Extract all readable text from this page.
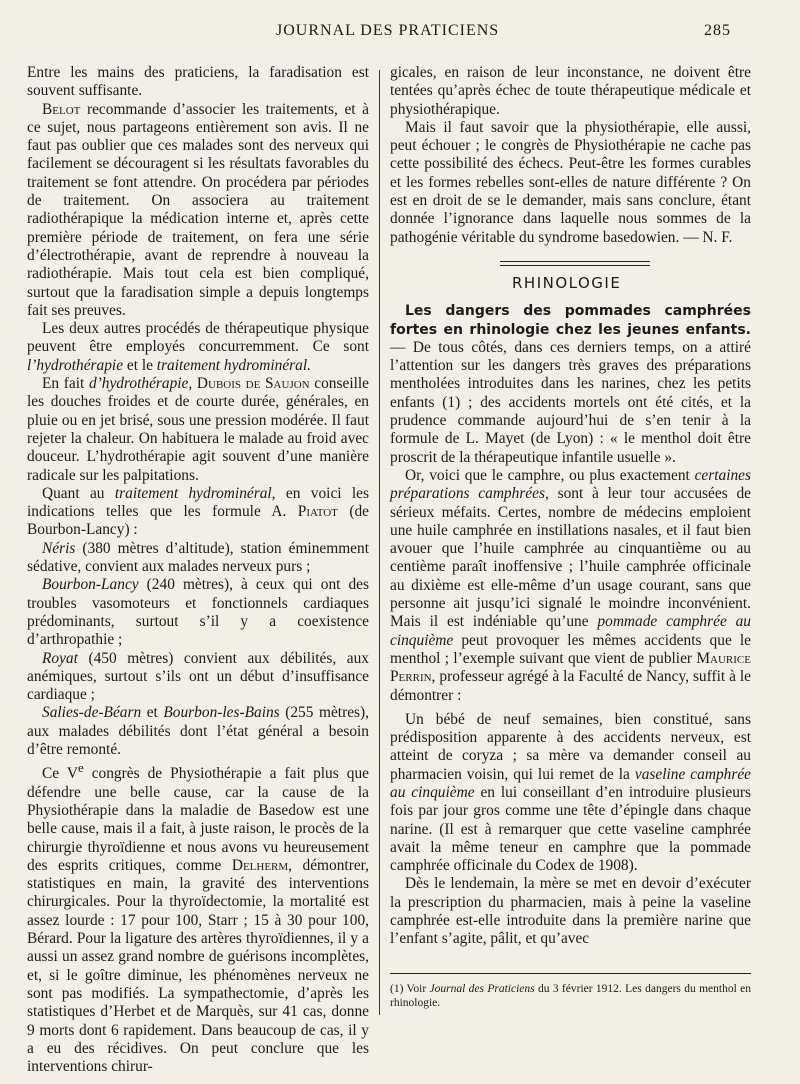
JOURNAL DES PRATICIENS	285

Entre les mains des praticiens, la faradisation est souvent suffisante.

Belot recommande d’associer les traitements, et à ce sujet, nous partageons entièrement son avis. Il ne faut pas oublier que ces malades sont des nerveux qui facilement se découragent si les résultats favorables du traitement se font attendre. On procédera par périodes de traitement. On associera au traitement radiothérapique la médication interne et, après cette première période de traitement, on fera une série d’électrothérapie, avant de reprendre à nouveau la radiothérapie. Mais tout cela est bien compliqué, surtout que la faradisation simple a depuis longtemps fait ses preuves.

Les deux autres procédés de thérapeutique physique peuvent être employés concurremment. Ce sont l’hydrothérapie et le traitement hydrominéral.

En fait d’hydrothérapie, Dubois de Saujon conseille les douches froides et de courte durée, générales, en pluie ou en jet brisé, sous une pression modérée. Il faut rejeter la chaleur. On habituera le malade au froid avec douceur. L’hydrothérapie agit souvent d’une manière radicale sur les palpitations.

Quant au traitement hydrominéral, en voici les indications telles que les formule A. Piatot (de Bourbon-Lancy) :

Néris (380 mètres d’altitude), station éminemment sédative, convient aux malades nerveux purs ;

Bourbon-Lancy (240 mètres), à ceux qui ont des troubles vasomoteurs et fonctionnels cardiaques prédominants, surtout s’il y a coexistence d’arthropathie ;

Royat (450 mètres) convient aux débilités, aux anémiques, surtout s’ils ont un début d’insuffisance cardiaque ;

Salies-de-Béarn et Bourbon-les-Bains (255 mètres), aux malades débilités dont l’état général a besoin d’être remonté.

Ce Ve congrès de Physiothérapie a fait plus que défendre une belle cause, car la cause de la Physiothérapie dans la maladie de Basedow est une belle cause, mais il a fait, à juste raison, le procès de la chirurgie thyroïdienne et nous avons vu heureusement des esprits critiques, comme Delherm, démontrer, statistiques en main, la gravité des interventions chirurgicales. Pour la thyroïdectomie, la mortalité est assez lourde : 17 pour 100, Starr ; 15 à 30 pour 100, Bérard. Pour la ligature des artères thyroïdiennes, il y a aussi un assez grand nombre de guérisons incomplètes, et, si le goître diminue, les phénomènes nerveux ne sont pas modifiés. La sympathectomie, d’après les statistiques d’Herbet et de Marquès, sur 41 cas, donne 9 morts dont 6 rapidement. Dans beaucoup de cas, il y a eu des récidives. On peut conclure que les interventions chirur-

gicales, en raison de leur inconstance, ne doivent être tentées qu’après échec de toute thérapeutique médicale et physiothérapique.

Mais il faut savoir que la physiothérapie, elle aussi, peut échouer ; le congrès de Physiothérapie ne cache pas cette possibilité des échecs. Peut-être les formes curables et les formes rebelles sont-elles de nature différente ? On est en droit de se le demander, mais sans conclure, étant donnée l’ignorance dans laquelle nous sommes de la pathogénie véritable du syndrome basedowien. — N. F.

RHINOLOGIE

Les dangers des pommades camphrées fortes en rhinologie chez les jeunes enfants. — De tous côtés, dans ces derniers temps, on a attiré l’attention sur les dangers très graves des préparations mentholées introduites dans les narines, chez les petits enfants (1) ; des accidents mortels ont été cités, et la prudence commande aujourd’hui de s’en tenir à la formule de L. Mayet (de Lyon) : « le menthol doit être proscrit de la thérapeutique infantile usuelle ».

Or, voici que le camphre, ou plus exactement certaines préparations camphrées, sont à leur tour accusées de sérieux méfaits. Certes, nombre de médecins emploient une huile camphrée en instillations nasales, et il faut bien avouer que l’huile camphrée au cinquantième ou au centième paraît inoffensive ; l’huile camphrée officinale au dixième est elle-même d’un usage courant, sans que personne ait jusqu’ici signalé le moindre inconvénient. Mais il est indéniable qu’une pommade camphrée au cinquième peut provoquer les mêmes accidents que le menthol ; l’exemple suivant que vient de publier Maurice Perrin, professeur agrégé à la Faculté de Nancy, suffit à le démontrer :

Un bébé de neuf semaines, bien constitué, sans prédisposition apparente à des accidents nerveux, est atteint de coryza ; sa mère va demander conseil au pharmacien voisin, qui lui remet de la vaseline camphrée au cinquième en lui conseillant d’en introduire plusieurs fois par jour gros comme une tête d’épingle dans chaque narine. (Il est à remarquer que cette vaseline camphrée avait la même teneur en camphre que la pommade camphrée officinale du Codex de 1908).

Dès le lendemain, la mère se met en devoir d’exécuter la prescription du pharmacien, mais à peine la vaseline camphrée est-elle introduite dans la première narine que l’enfant s’agite, pâlit, et qu’avec

(1) Voir Journal des Praticiens du 3 février 1912. Les dangers du menthol en rhinologie.
